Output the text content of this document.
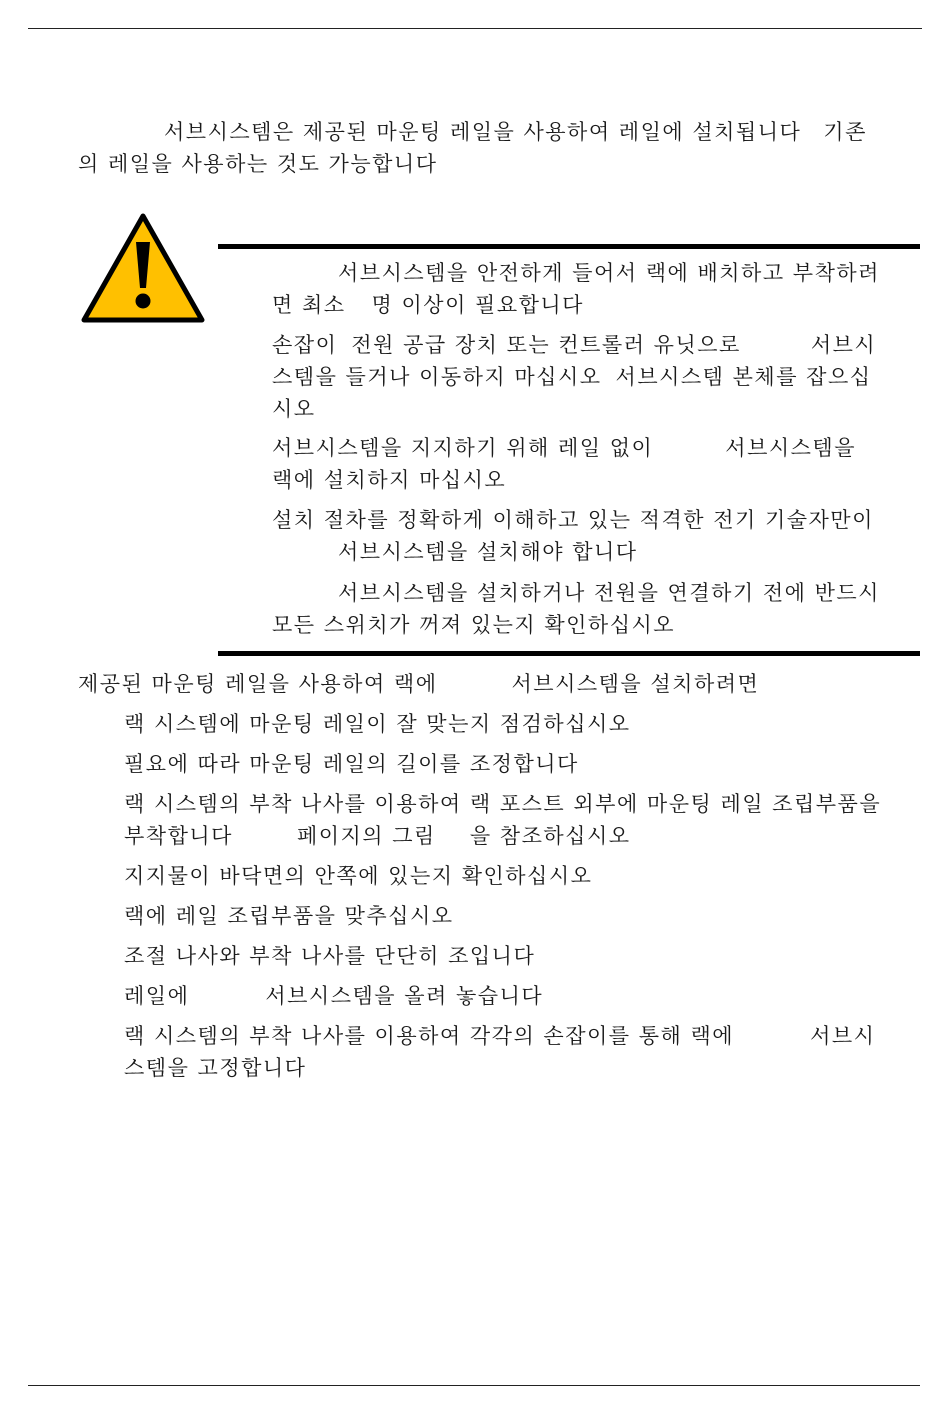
서브시스템은 제공된 마운팅 레일을 사용하여 레일에 설치됩니다 기존
의 레일을 사용하는 것도 가능합니다
서브시스템을 안전하게 들어서 랙에 배치하고 부착하려
면 최소 명 이상이 필요합니다
손잡이 전원 공급 장치 또는 컨트롤러 유닛으로	서브시
스템을 들거나 이동하지 마십시오 서브시스템 본체를 잡으십
시오
서브시스템을 지지하기 위해 레일 없이	서브시스템을
랙에 설치하지 마십시오
설치 절차를 정확하게 이해하고 있는 적격한 전기 기술자만이
서브시스템을 설치해야 합니다
서브시스템을 설치하거나 전원을 연결하기 전에 반드시
모든 스위치가 꺼져 있는지 확인하십시오
제공된 마운팅 레일을 사용하여 랙에	서브시스템을 설치하려면
랙 시스템에 마운팅 레일이 잘 맞는지 점검하십시오
필요에 따라 마운팅 레일의 길이를 조정합니다
랙 시스템의 부착 나사를 이용하여 랙 포스트 외부에 마운팅 레일 조립부품을
부착합니다	페이지의 그림 을 참조하십시오
지지물이 바닥면의 안쪽에 있는지 확인하십시오
랙에 레일 조립부품을 맞추십시오
조절 나사와 부착 나사를 단단히 조입니다
레일에	서브시스템을 올려 놓습니다
랙 시스템의 부착 나사를 이용하여 각각의 손잡이를 통해 랙에	서브시
스템을 고정합니다
